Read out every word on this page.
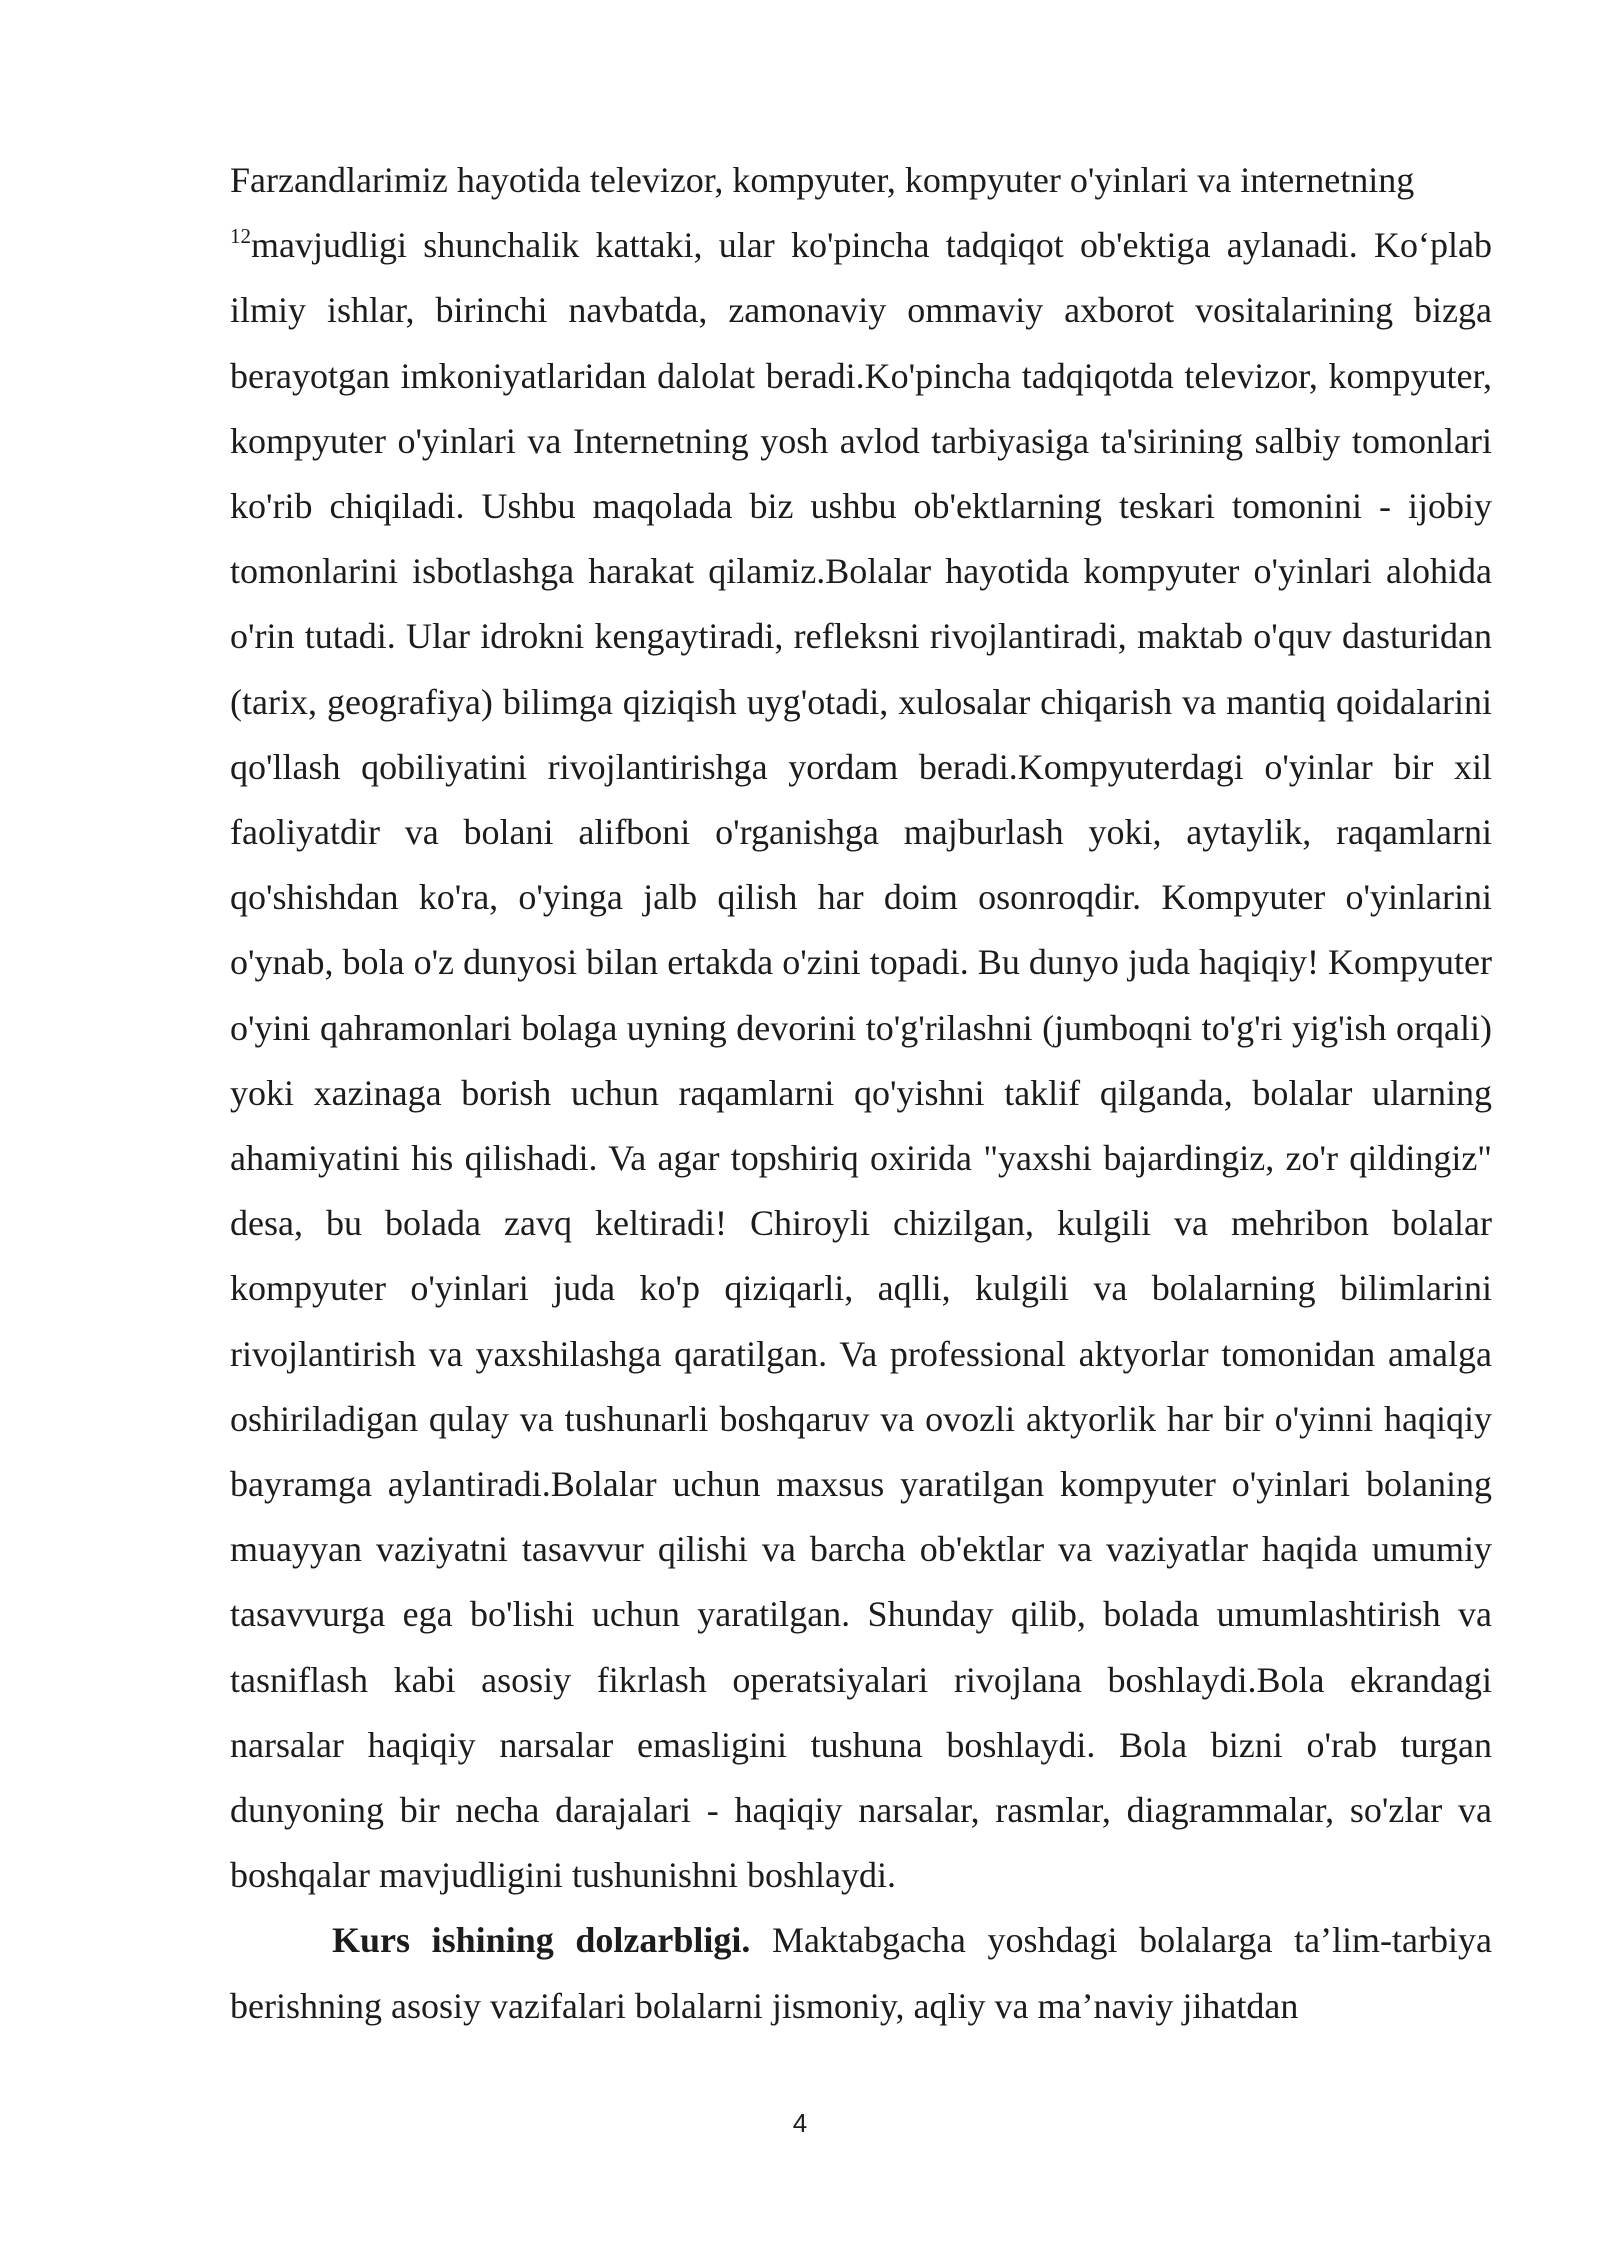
Farzandlarimiz hayotida televizor, kompyuter, kompyuter o'yinlari va internetning
$^{12}$mavjudligi shunchalik kattaki, ular ko'pincha tadqiqot ob'ektiga aylanadi. Ko‘plab ilmiy ishlar, birinchi navbatda, zamonaviy ommaviy axborot vositalarining bizga berayotgan imkoniyatlaridan dalolat beradi.Ko'pincha tadqiqotda televizor, kompyuter, kompyuter o'yinlari va Internetning yosh avlod tarbiyasiga ta'sirining salbiy tomonlari ko'rib chiqiladi. Ushbu maqolada biz ushbu ob'ektlarning teskari tomonini - ijobiy tomonlarini isbotlashga harakat qilamiz.Bolalar hayotida kompyuter o'yinlari alohida o'rin tutadi. Ular idrokni kengaytiradi, refleksni rivojlantiradi, maktab o'quv dasturidan (tarix, geografiya) bilimga qiziqish uyg'otadi, xulosalar chiqarish va mantiq qoidalarini qo'llash qobiliyatini rivojlantirishga yordam beradi.Kompyuterdagi o'yinlar bir xil faoliyatdir va bolani alifboni o'rganishga majburlash yoki, aytaylik, raqamlarni qo'shishdan ko'ra, o'yinga jalb qilish har doim osonroqdir. Kompyuter o'yinlarini o'ynab, bola o'z dunyosi bilan ertakda o'zini topadi. Bu dunyo juda haqiqiy! Kompyuter o'yini qahramonlari bolaga uyning devorini to'g'rilashni (jumboqni to'g'ri yig'ish orqali) yoki xazinaga borish uchun raqamlarni qo'yishni taklif qilganda, bolalar ularning ahamiyatini his qilishadi. Va agar topshiriq oxirida "yaxshi bajardingiz, zo'r qildingiz" desa, bu bolada zavq keltiradi! Chiroyli chizilgan, kulgili va mehribon bolalar kompyuter o'yinlari juda ko'p qiziqarli, aqlli, kulgili va bolalarning bilimlarini rivojlantirish va yaxshilashga qaratilgan. Va professional aktyorlar tomonidan amalga oshiriladigan qulay va tushunarli boshqaruv va ovozli aktyorlik har bir o'yinni haqiqiy bayramga aylantiradi.Bolalar uchun maxsus yaratilgan kompyuter o'yinlari bolaning muayyan vaziyatni tasavvur qilishi va barcha ob'ektlar va vaziyatlar haqida umumiy tasavvurga ega bo'lishi uchun yaratilgan. Shunday qilib, bolada umumlashtirish va tasniflash kabi asosiy fikrlash operatsiyalari rivojlana boshlaydi.Bola ekrandagi narsalar haqiqiy narsalar emasligini tushuna boshlaydi. Bola bizni o'rab turgan dunyoning bir necha darajalari - haqiqiy narsalar, rasmlar, diagrammalar, so'zlar va boshqalar mavjudligini tushunishni boshlaydi.

Kurs ishining dolzarbligi. Maktabgacha yoshdagi bolalarga ta’lim-tarbiya berishning asosiy vazifalari bolalarni jismoniy, aqliy va ma’naviy jihatdan

4
